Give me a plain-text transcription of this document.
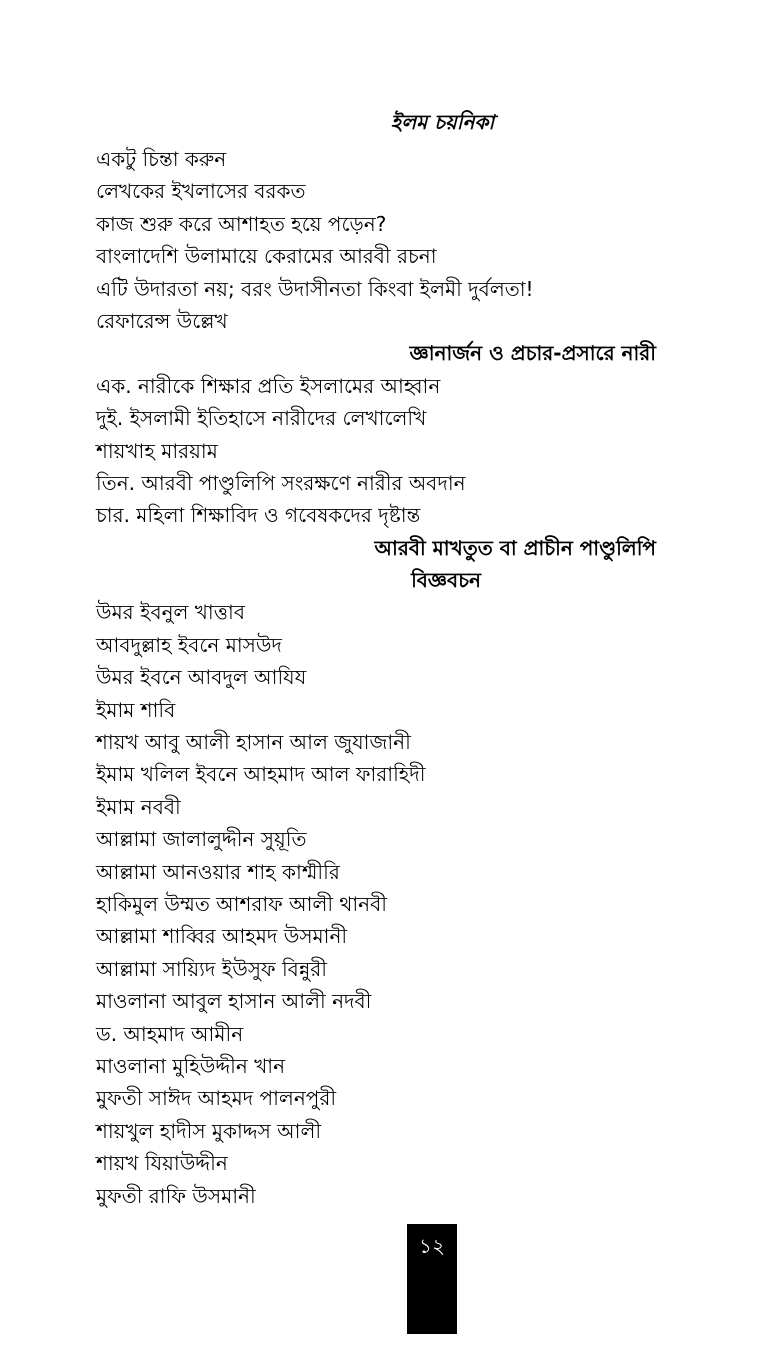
ইলম চয়নিকা
একটু চিন্তা করুন
লেখকের ইখলাসের বরকত
কাজ শুরু করে আশাহত হয়ে পড়েন?
বাংলাদেশি উলামায়ে কেরামের আরবী রচনা
এটি উদারতা নয়; বরং উদাসীনতা কিংবা ইলমী দুর্বলতা!
রেফারেন্স উল্লেখ
জ্ঞানার্জন ও প্রচার-প্রসারে নারী
এক. নারীকে শিক্ষার প্রতি ইসলামের আহ্বান
দুই. ইসলামী ইতিহাসে নারীদের লেখালেখি
শায়খাহ মারয়াম
তিন. আরবী পাণ্ডুলিপি সংরক্ষণে নারীর অবদান
চার. মহিলা শিক্ষাবিদ ও গবেষকদের দৃষ্টান্ত
আরবী মাখতুত বা প্রাচীন পাণ্ডুলিপি
বিজ্ঞবচন
উমর ইবনুল খাত্তাব
আবদুল্লাহ ইবনে মাসউদ
উমর ইবনে আবদুল আযিয
ইমাম শাবি
শায়খ আবু আলী হাসান আল জুযাজানী
ইমাম খলিল ইবনে আহমাদ আল ফারাহিদী
ইমাম নববী
আল্লামা জালালুদ্দীন সুয়ূতি
আল্লামা আনওয়ার শাহ কাশ্মীরি
হাকিমুল উম্মত আশরাফ আলী থানবী
আল্লামা শাব্বির আহমদ উসমানী
আল্লামা সায়্যিদ ইউসুফ বিন্নুরী
মাওলানা আবুল হাসান আলী নদবী
ড. আহমাদ আমীন
মাওলানা মুহিউদ্দীন খান
মুফতী সাঈদ আহমদ পালনপুরী
শায়খুল হাদীস মুকাদ্দস আলী
শায়খ যিয়াউদ্দীন
মুফতী রাফি উসমানী
১২
